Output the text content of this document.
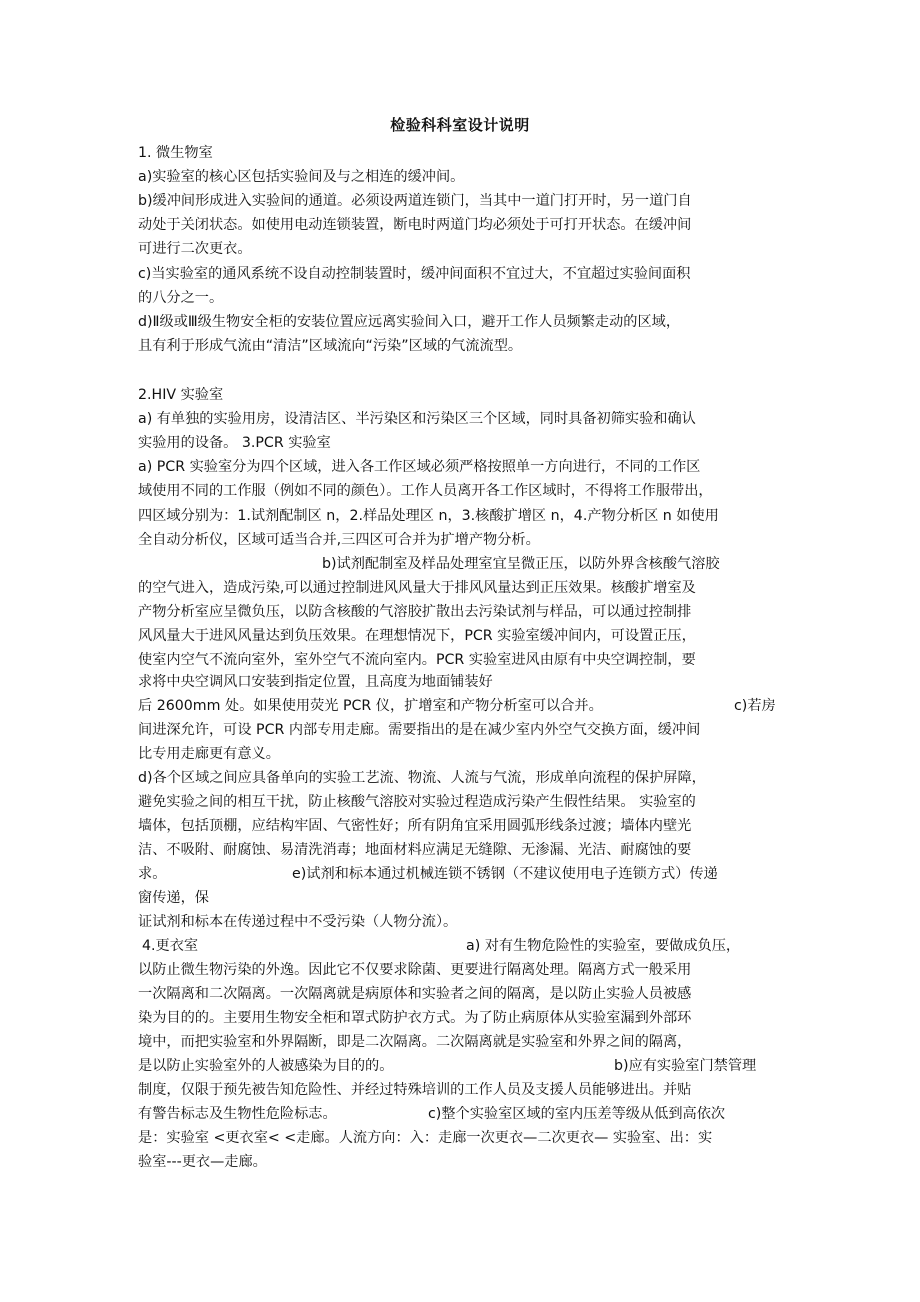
检验科科室设计说明
1. 微生物室
a)实验室的核心区包括实验间及与之相连的缓冲间。
b)缓冲间形成进入实验间的通道。必须设两道连锁门，当其中一道门打开时，另一道门自
动处于关闭状态。如使用电动连锁装置，断电时两道门均必须处于可打开状态。在缓冲间
可进行二次更衣。
c)当实验室的通风系统不设自动控制装置时，缓冲间面积不宜过大，不宜超过实验间面积
的八分之一。
d)Ⅱ级或Ⅲ级生物安全柜的安装位置应远离实验间入口，避开工作人员频繁走动的区域，
且有利于形成气流由“清洁”区域流向“污染”区域的气流流型。
2.HIV 实验室
a) 有单独的实验用房，设清洁区、半污染区和污染区三个区域，同时具备初筛实验和确认
实验用的设备。 3.PCR 实验室
a) PCR 实验室分为四个区域，进入各工作区域必须严格按照单一方向进行，不同的工作区
域使用不同的工作服（例如不同的颜色）。工作人员离开各工作区域时，不得将工作服带出，
四区域分别为：1.试剂配制区 n，2.样品处理区 n，3.核酸扩增区 n，4.产物分析区 n 如使用
全自动分析仪，区域可适当合并,三四区可合并为扩增产物分析。
b)试剂配制室及样品处理室宜呈微正压，以防外界含核酸气溶胶
的空气进入，造成污染,可以通过控制进风风量大于排风风量达到正压效果。核酸扩增室及
产物分析室应呈微负压，以防含核酸的气溶胶扩散出去污染试剂与样品，可以通过控制排
风风量大于进风风量达到负压效果。在理想情况下，PCR 实验室缓冲间内，可设置正压，
使室内空气不流向室外，室外空气不流向室内。PCR 实验室进风由原有中央空调控制，要
求将中央空调风口安装到指定位置，且高度为地面铺装好
后 2600mm 处。如果使用荧光 PCR 仪，扩增室和产物分析室可以合并。	c)若房
间进深允许，可设 PCR 内部专用走廊。需要指出的是在减少室内外空气交换方面，缓冲间
比专用走廊更有意义。
d)各个区域之间应具备单向的实验工艺流、物流、人流与气流，形成单向流程的保护屏障，
避免实验之间的相互干扰，防止核酸气溶胶对实验过程造成污染产生假性结果。 实验室的
墙体，包括顶棚，应结构牢固、气密性好；所有阴角宜采用圆弧形线条过渡；墙体内壁光
洁、不吸附、耐腐蚀、易清洗消毒；地面材料应满足无缝隙、无渗漏、光洁、耐腐蚀的要
求。	e)试剂和标本通过机械连锁不锈钢（不建议使用电子连锁方式）传递
窗传递，保
证试剂和标本在传递过程中不受污染（人物分流）。
4.更衣室	a) 对有生物危险性的实验室，要做成负压，
以防止微生物污染的外逸。因此它不仅要求除菌、更要进行隔离处理。隔离方式一般采用
一次隔离和二次隔离。一次隔离就是病原体和实验者之间的隔离，是以防止实验人员被感
染为目的的。主要用生物安全柜和罩式防护衣方式。为了防止病原体从实验室漏到外部环
境中，而把实验室和外界隔断，即是二次隔离。二次隔离就是实验室和外界之间的隔离，
是以防止实验室外的人被感染为目的的。	b)应有实验室门禁管理
制度，仅限于预先被告知危险性、并经过特殊培训的工作人员及支援人员能够进出。并贴
有警告标志及生物性危险标志。	c)整个实验室区域的室内压差等级从低到高依次
是：实验室 <更衣室< <走廊。人流方向：入：走廊一次更衣—二次更衣— 实验室、出：实
验室---更衣—走廊。
